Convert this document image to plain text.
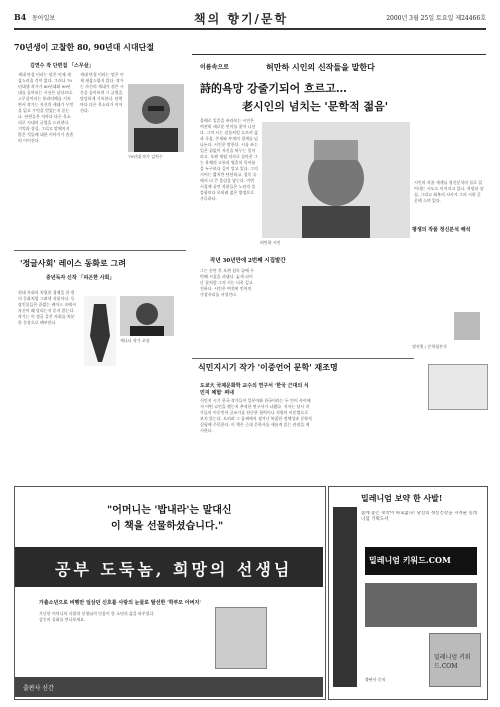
B4 동아일보	책의 향기/문학	2000년 3월 25일 토요일 제24466호
70년생이 고찰한 80, 90년대 시대단절
김연수 작 단편집 「스무살」
세대 단절 이라는 말은 이제 새삼스러울 것이 없다. 그러나 70년대생 작가가 80년대와 90년대를 돌아보는 시선은 남다르다. 스무살이라는 통과의례를 거치면서 작가는 자신의 세대가 무엇을 잃고 무엇을 얻었는지 묻는다. 단편들은 저마다 다른 목소리로 시대의 균열을 드러낸다. 기억과 상실, 그리고 말해지지 않은 것들에 대한 이야기가 촘촘히 이어진다.
세대 단절 이라는 말은 이제 새삼스럽지 않다. 작가는 자신의 세대가 겪은 시간을 돌아보며 그 균열을 담담하게 기록한다. 단편마다 다른 목소리가 이어진다.
70년대 작가 김연수
'정글사회' 레이스 동화로 그려
중년독자 신작 「피곤한 사회」
현대 사회의 치열한 경쟁을 한 편의 동화처럼 그려낸 작품이다. 등장인물들은 끝없는 레이스 속에서 자신이 왜 달리는지 묻지 않는다. 작가는 이 정글 같은 사회를 차분한 문장으로 해부한다.
캐나다 작가 초상
이름속으로	허만하 시인의 신작들을 말한다
詩的욕망 강줄기되어 흐르고…
老시인의 넘치는 '문학적 젊음'
올해로 일흔을 바라보는 시인은 여전히 새로운 언어를 찾아 나선다. 그의 시는 강물처럼 흐르며 삶과 죽음, 존재와 부재의 경계를 넘나든다. 시인은 말한다. 시를 쓰는 일은 끝없이 자신을 허무는 일이라고. 오랜 세월 의사로 살아온 그는 육체의 고통과 영혼의 목마름을 누구보다 깊이 알고 있다. 그의 시어는 짧지만 단단하고, 침묵 속에서 더 큰 울림을 낳는다. 이번 시집에 실린 작품들은 노년의 쓸쓸함보다 오히려 젊은 열정으로 가득하다.
허만하 시인
작년 30년만에 2번째 시집발간
그는 등단 후 오랜 침묵 끝에 두 번째 시집을 펴냈다. 늦게 피어난 꽃처럼 그의 시는 더욱 깊고 진하다. 시인은 여전히 언어의 가장자리를 서성인다.
평생의 작품 정신분석 해석
시인의 작품 세계를 정신분석의 틀로 읽어내는 시도도 이어지고 있다. 욕망과 상실, 그리고 회복의 서사가 그의 시편 곳곳에 스며 있다.
정진원 / 문학평론가
식민지시기 작가 '이중언어 문학' 재조명
도쿄大 국제문화학 교수의 연구서 '한국 근대의 식민지 체험' 펴내
식민지 시기 한국 작가들이 일본어와 한국어라는 두 언어 사이에서 어떤 고민을 했는지 추적한 연구서가 나왔다. 저자는 당시 작가들의 이중언어 글쓰기를 단순한 협력이나 저항의 이분법으로 보지 않는다. 오히려 그 틈새에서 생겨난 복잡한 정체성과 문학적 실험에 주목한다. 이 책은 근대 문학사를 새롭게 읽는 관점을 제시한다.
"어머니는 '밥내라'는 말대신
이 책을 선물하셨습니다."
공부 도둑놈, 희망의 선생님
가출소년으로 비행만 일삼던 신호를 사랑의 눈물로 탈선한 '학부모 아버지'
가난한 어머니의 사랑과 선생님의 믿음이 한 소년의 삶을 바꾸었다. 감동의 실화를 만나보세요.
출판사 신간
밀레니엄 보약 한 사발!
몸에 좋은 보약이 따로없다! 당신의 정신건강을 지켜줄 밀레니엄 기획도서
밀레니엄 키워드.COM
밀레니엄 키워드.COM
출판사 문의
